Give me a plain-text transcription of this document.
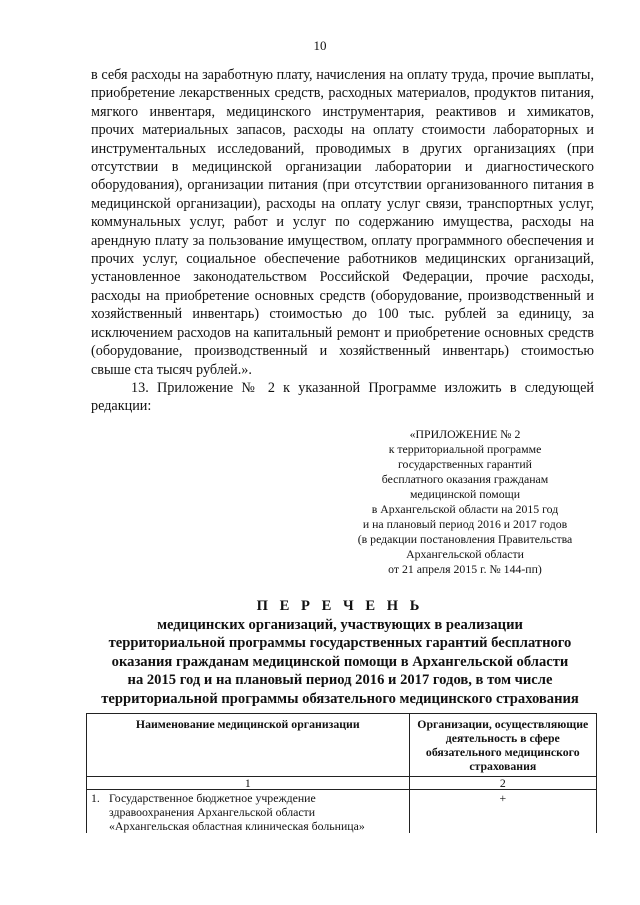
10

в себя расходы на заработную плату, начисления на оплату труда, прочие выплаты, приобретение лекарственных средств, расходных материалов, продуктов питания, мягкого инвентаря, медицинского инструментария, реактивов и химикатов, прочих материальных запасов, расходы на оплату стоимости лабораторных и инструментальных исследований, проводимых в других организациях (при отсутствии в медицинской организации лаборатории и диагностического оборудования), организации питания (при отсутствии организованного питания в медицинской организации), расходы на оплату услуг связи, транспортных услуг, коммунальных услуг, работ и услуг по содержанию имущества, расходы на арендную плату за пользование имуществом, оплату программного обеспечения и прочих услуг, социальное обеспечение работников медицинских организаций, установленное законодательством Российской Федерации, прочие расходы, расходы на приобретение основных средств (оборудование, производственный и хозяйственный инвентарь) стоимостью до 100 тыс. рублей за единицу, за исключением расходов на капитальный ремонт и приобретение основных средств (оборудование, производственный и хозяйственный инвентарь) стоимостью свыше ста тысяч рублей.».

13. Приложение № 2 к указанной Программе изложить в следующей редакции:

«ПРИЛОЖЕНИЕ № 2
к территориальной программе
государственных гарантий
бесплатного оказания гражданам
медицинской помощи
в Архангельской области на 2015 год
и на плановый период 2016 и 2017 годов
(в редакции постановления Правительства
Архангельской области
от 21 апреля 2015 г. № 144-пп)
П Е Р Е Ч Е Н Ь
медицинских организаций, участвующих в реализации
территориальной программы государственных гарантий бесплатного
оказания гражданам медицинской помощи в Архангельской области
на 2015 год и на плановый период 2016 и 2017 годов, в том числе
территориальной программы обязательного медицинского страхования
Наименование медицинской организации	Организации, осуществляющие деятельность в сфере обязательного медицинского страхования
1	2
1. Государственное бюджетное учреждение
здравоохранения Архангельской области
«Архангельская областная клиническая больница»	+
